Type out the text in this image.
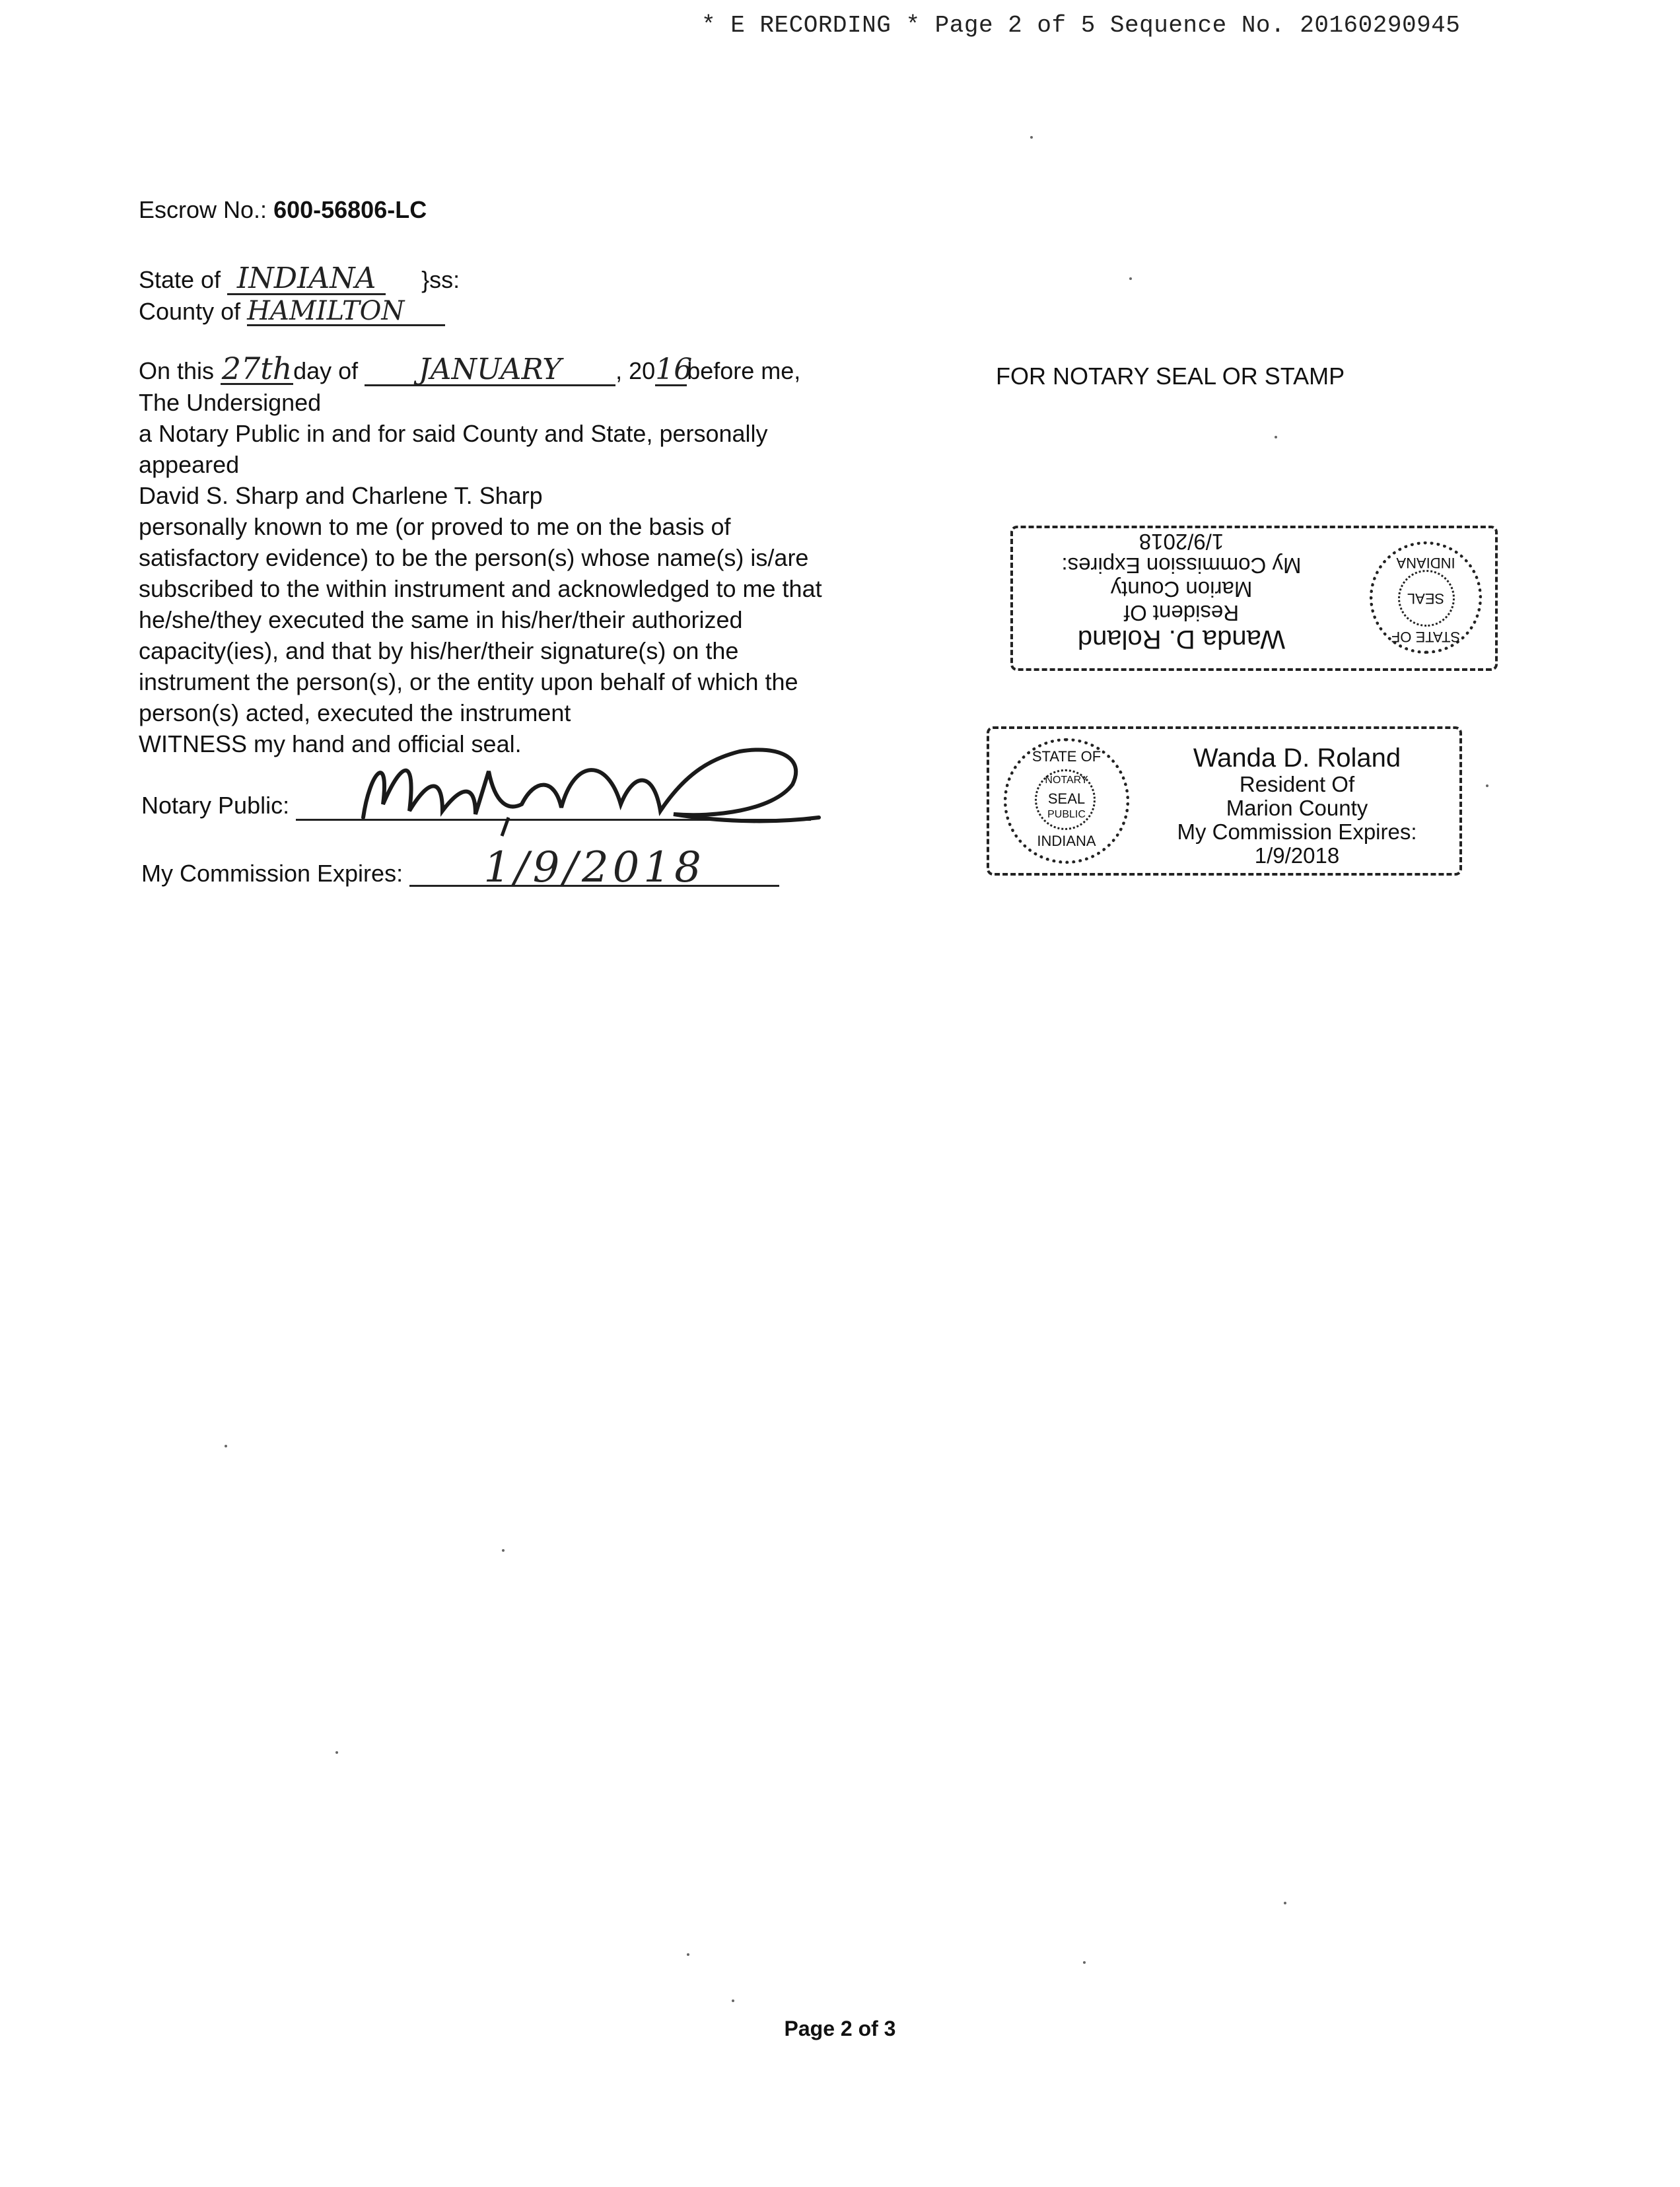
* E RECORDING * Page 2 of 5 Sequence No. 20160290945
Escrow No.: 600-56806-LC
State of INDIANA }ss:
County of HAMILTON
On this 27thday of JANUARY , 2016before me,
The Undersigned
a Notary Public in and for said County and State, personally
appeared
David S. Sharp and Charlene T. Sharp
personally known to me (or proved to me on the basis of
satisfactory evidence) to be the person(s) whose name(s) is/are
subscribed to the within instrument and acknowledged to me that
he/she/they executed the same in his/her/their authorized
capacity(ies), and that by his/her/their signature(s) on the
instrument the person(s), or the entity upon behalf of which the
person(s) acted, executed the instrument
WITNESS my hand and official seal.
Notary Public:
My Commission Expires: 1/9/2018
FOR NOTARY SEAL OR STAMP
STATE OF
SEAL
INDIANA
Wanda D. Roland
Resident Of
Marion County
My Commission Expires:
1/9/2018
STATE OF
NOTARY
SEAL
PUBLIC
INDIANA
Wanda D. Roland
Resident Of
Marion County
My Commission Expires:
1/9/2018
Page 2 of 3
